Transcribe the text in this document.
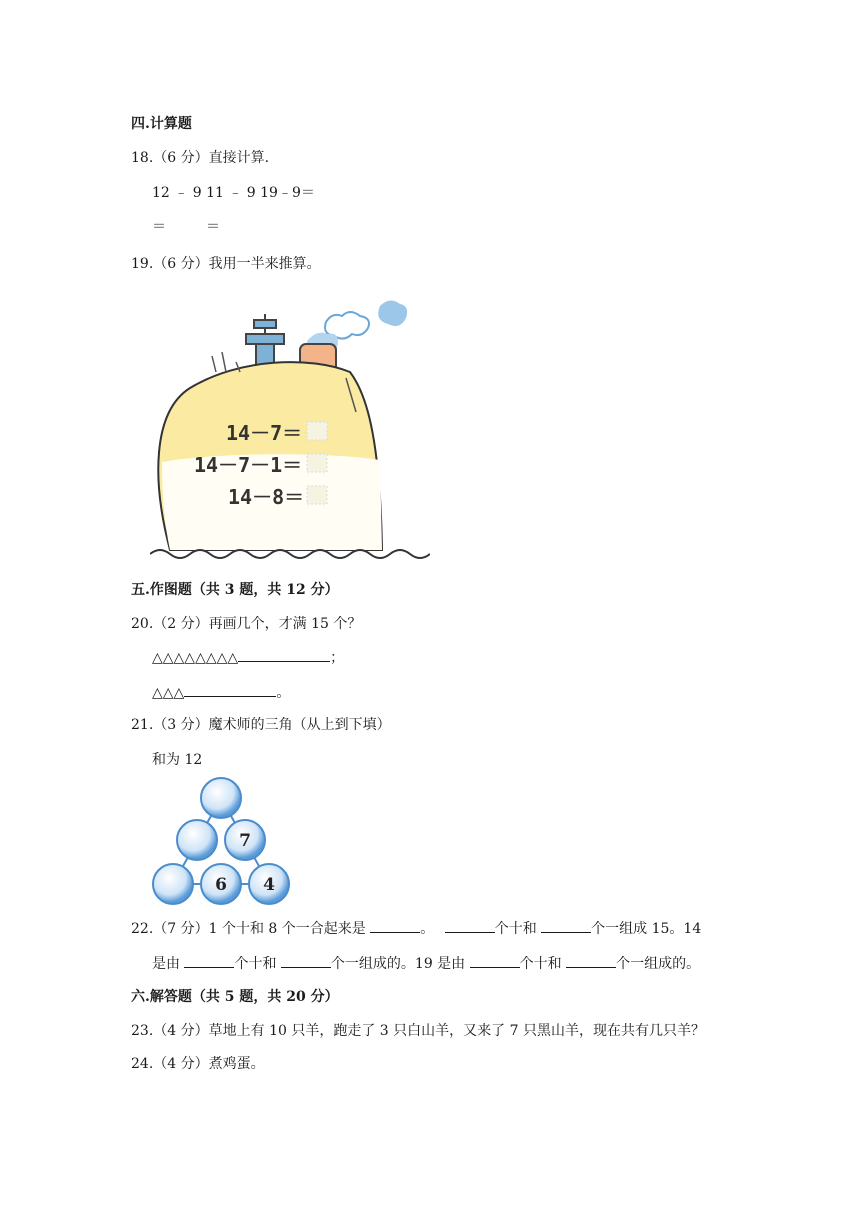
四.计算题
18.（6 分）直接计算.
12 ﹣ 9 11 ﹣ 9 19﹣9＝
＝	＝
19.（6 分）我用一半来推算。
14－7＝
14－7－1＝
14－8＝
五.作图题（共 3 题，共 12 分）
20.（2 分）再画几个，才满 15 个？
△△△△△△△△	；
△△△	。
21.（3 分）魔术师的三角（从上到下填）
和为 12
7
6 4
22.（7 分）1 个十和 8 个一合起来是	。	个十和	个一组成 15。14
是由	个十和	个一组成的。19 是由	个十和	个一组成的。
六.解答题（共 5 题，共 20 分）
23.（4 分）草地上有 10 只羊，跑走了 3 只白山羊，又来了 7 只黑山羊，现在共有几只羊？
24.（4 分）煮鸡蛋。
